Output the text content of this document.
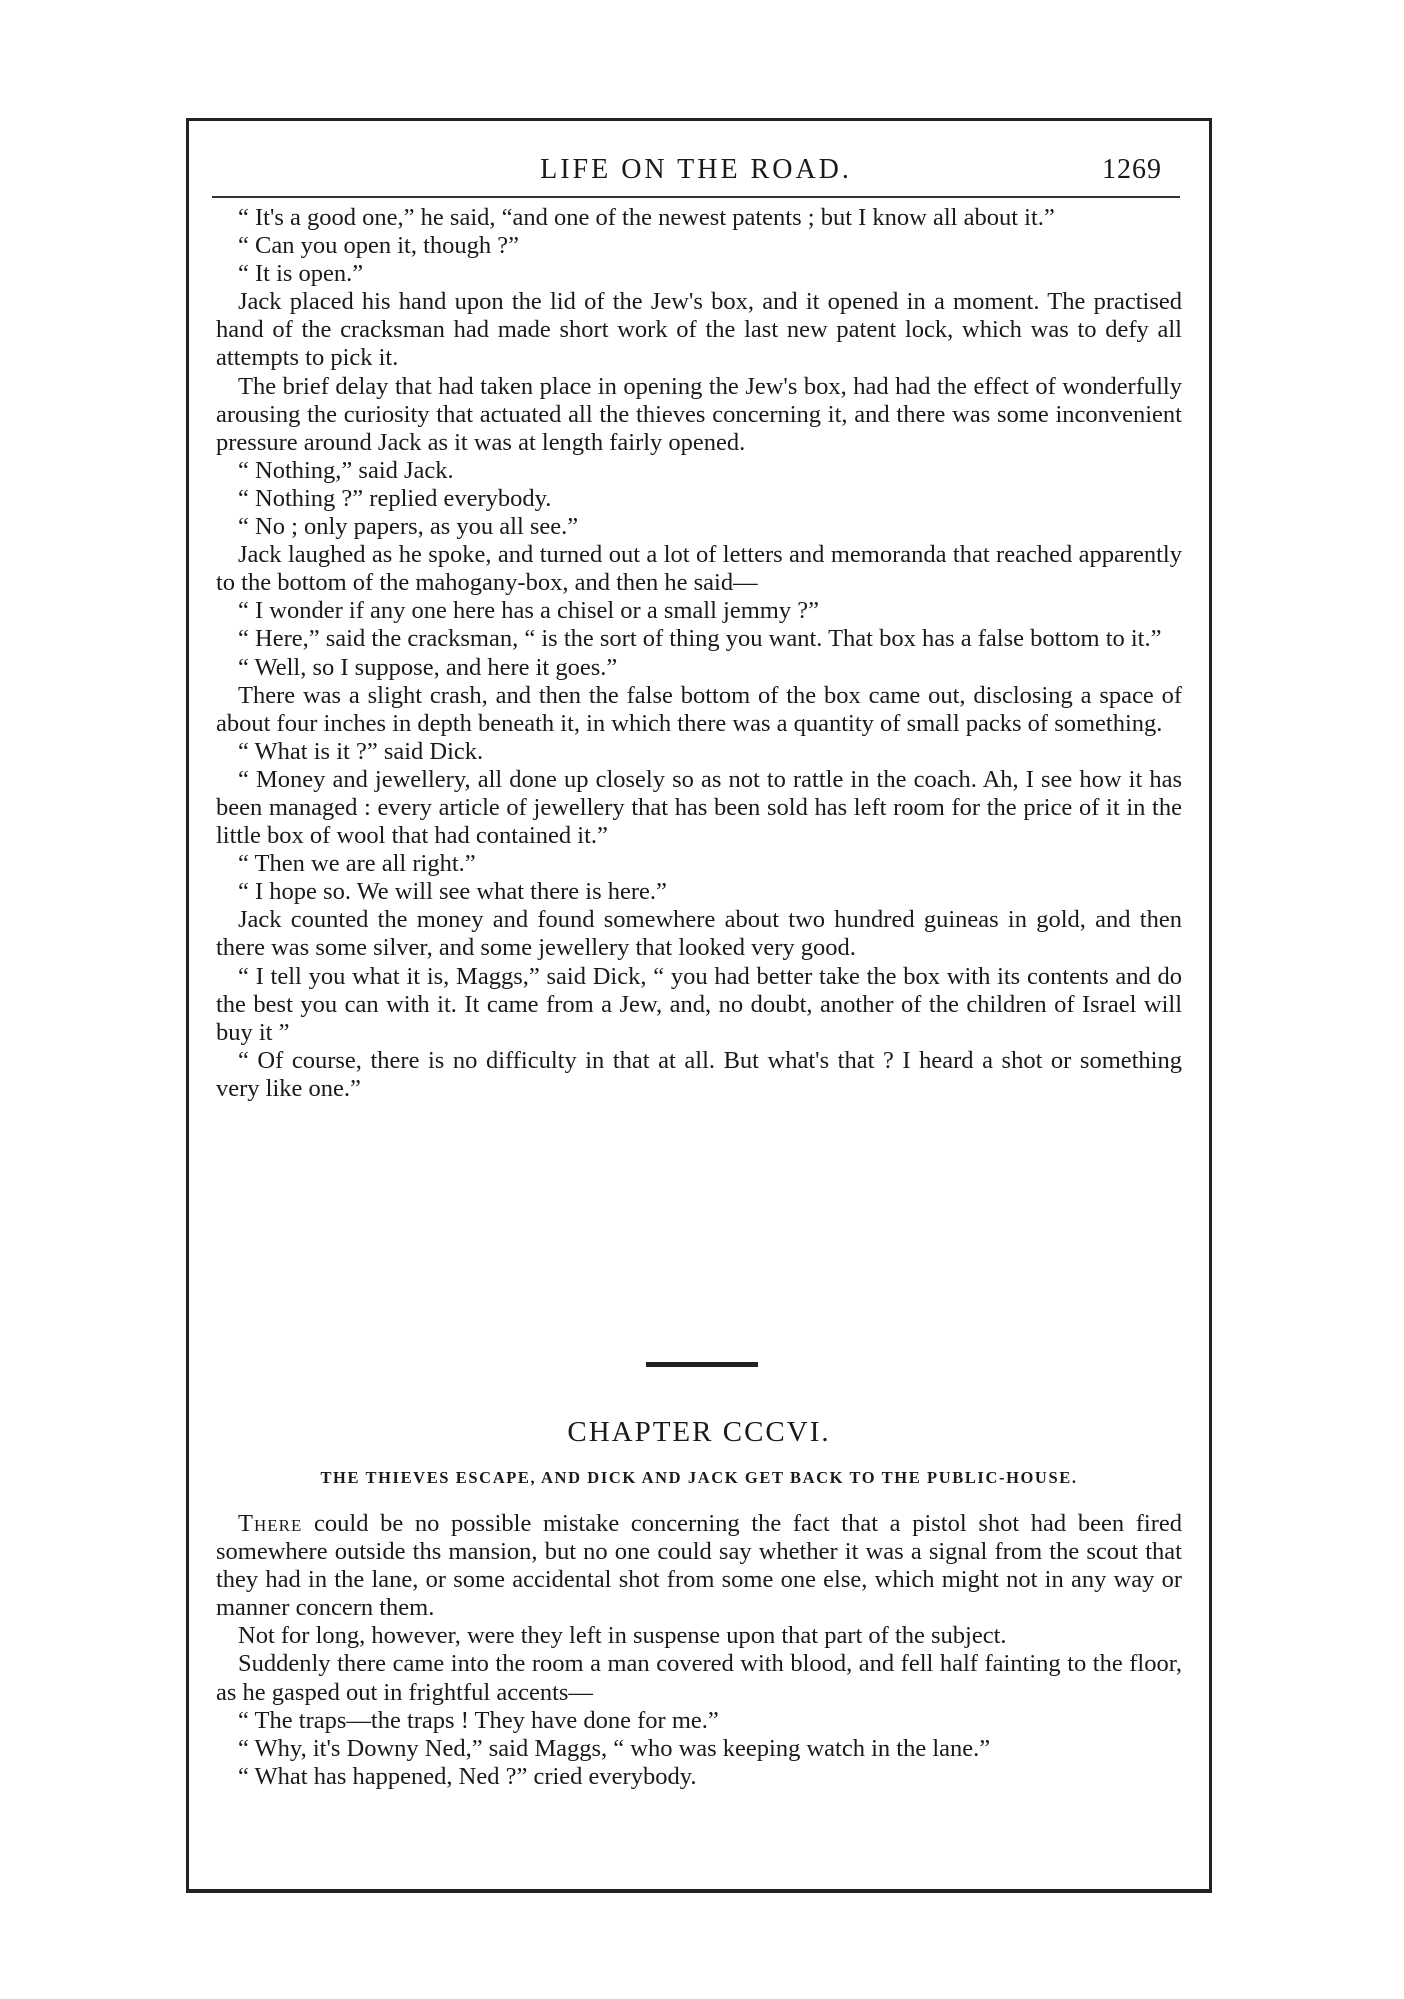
LIFE ON THE ROAD.	1269

“ It's a good one,” he said, “and one of the newest patents ; but I know all about it.”

“ Can you open it, though ?”

“ It is open.”

Jack placed his hand upon the lid of the Jew's box, and it opened in a moment. The practised hand of the cracksman had made short work of the last new patent lock, which was to defy all attempts to pick it.

The brief delay that had taken place in opening the Jew's box, had had the effect of wonderfully arousing the curiosity that actuated all the thieves concerning it, and there was some inconvenient pressure around Jack as it was at length fairly opened.

“ Nothing,” said Jack.

“ Nothing ?” replied everybody.

“ No ; only papers, as you all see.”

Jack laughed as he spoke, and turned out a lot of letters and memoranda that reached apparently to the bottom of the mahogany-box, and then he said—

“ I wonder if any one here has a chisel or a small jemmy ?”

“ Here,” said the cracksman, “ is the sort of thing you want. That box has a false bottom to it.”

“ Well, so I suppose, and here it goes.”

There was a slight crash, and then the false bottom of the box came out, disclosing a space of about four inches in depth beneath it, in which there was a quantity of small packs of something.

“ What is it ?” said Dick.

“ Money and jewellery, all done up closely so as not to rattle in the coach. Ah, I see how it has been managed : every article of jewellery that has been sold has left room for the price of it in the little box of wool that had contained it.”

“ Then we are all right.”

“ I hope so. We will see what there is here.”

Jack counted the money and found somewhere about two hundred guineas in gold, and then there was some silver, and some jewellery that looked very good.

“ I tell you what it is, Maggs,” said Dick, “ you had better take the box with its contents and do the best you can with it. It came from a Jew, and, no doubt, another of the children of Israel will buy it ”

“ Of course, there is no difficulty in that at all. But what's that ? I heard a shot or something very like one.”

CHAPTER CCCVI.
THE THIEVES ESCAPE, AND DICK AND JACK GET BACK TO THE PUBLIC-HOUSE.

There could be no possible mistake concerning the fact that a pistol shot had been fired somewhere outside ths mansion, but no one could say whether it was a signal from the scout that they had in the lane, or some accidental shot from some one else, which might not in any way or manner concern them.

Not for long, however, were they left in suspense upon that part of the subject.

Suddenly there came into the room a man covered with blood, and fell half fainting to the floor, as he gasped out in frightful accents—

“ The traps—the traps ! They have done for me.”

“ Why, it's Downy Ned,” said Maggs, “ who was keeping watch in the lane.”

“ What has happened, Ned ?” cried everybody.
